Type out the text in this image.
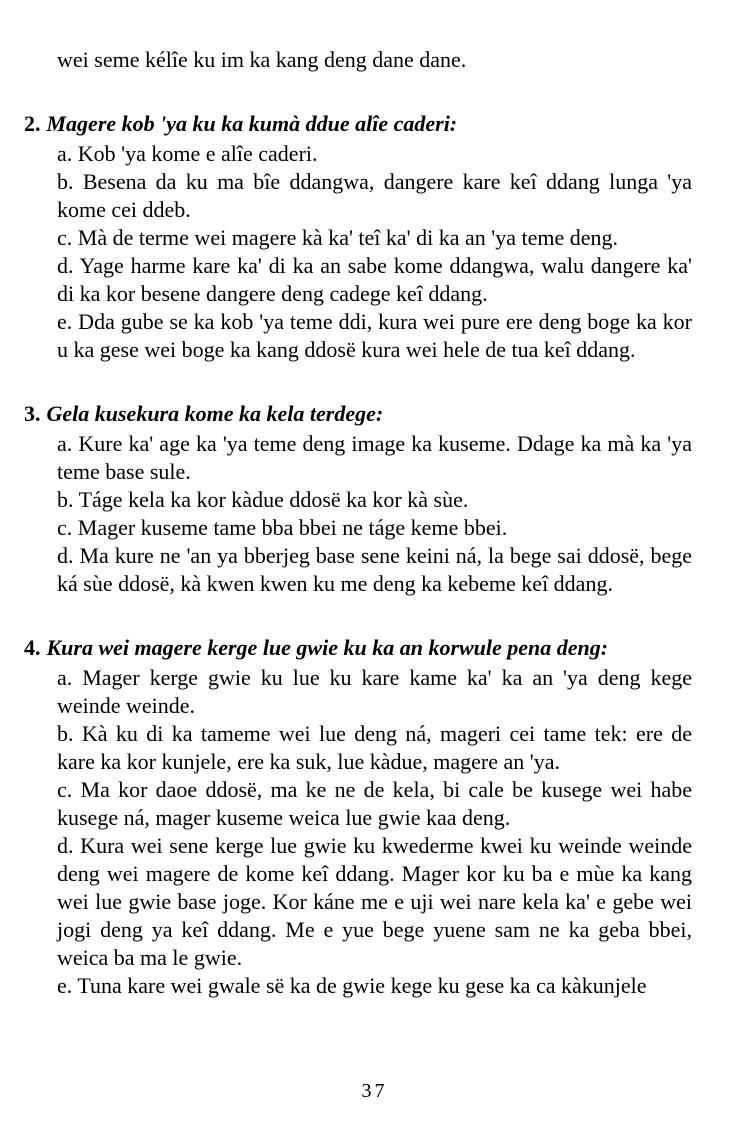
wei seme kélîe ku im ka kang deng dane dane.

2. Magere kob 'ya ku ka kumà ddue alîe caderi:

a. Kob 'ya kome e alîe caderi.

b. Besena da ku ma bîe ddangwa, dangere kare keî ddang lunga 'ya kome cei ddeb.

c. Mà de terme wei magere kà ka' teî ka' di ka an 'ya teme deng.

d. Yage harme kare ka' di ka an sabe kome ddangwa, walu dangere ka' di ka kor besene dangere deng cadege keî ddang.

e. Dda gube se ka kob 'ya teme ddi, kura wei pure ere deng boge ka kor u ka gese wei boge ka kang ddosë kura wei hele de tua keî ddang.

3. Gela kusekura kome ka kela terdege:

a. Kure ka' age ka 'ya teme deng image ka kuseme. Ddage ka mà ka 'ya teme base sule.

b. Táge kela ka kor kàdue ddosë ka kor kà sùe.

c. Mager kuseme tame bba bbei ne táge keme bbei.

d. Ma kure ne 'an ya bberjeg base sene keini ná, la bege sai ddosë, bege ká sùe ddosë, kà kwen kwen ku me deng ka kebeme keî ddang.

4. Kura wei magere kerge lue gwie ku ka an korwule pena deng:

a. Mager kerge gwie ku lue ku kare kame ka' ka an 'ya deng kege weinde weinde.

b. Kà ku di ka tameme wei lue deng ná, mageri cei tame tek: ere de kare ka kor kunjele, ere ka suk, lue kàdue, magere an 'ya.

c. Ma kor daoe ddosë, ma ke ne de kela, bi cale be kusege wei habe kusege ná, mager kuseme weica lue gwie kaa deng.

d. Kura wei sene kerge lue gwie ku kwederme kwei ku weinde weinde deng wei magere de kome keî ddang. Mager kor ku ba e mùe ka kang wei lue gwie base joge. Kor káne me e uji wei nare kela ka' e gebe wei jogi deng ya keî ddang. Me e yue bege yuene sam ne ka geba bbei, weica ba ma le gwie.

e. Tuna kare wei gwale së ka de gwie kege ku gese ka ca kàkunjele

37
